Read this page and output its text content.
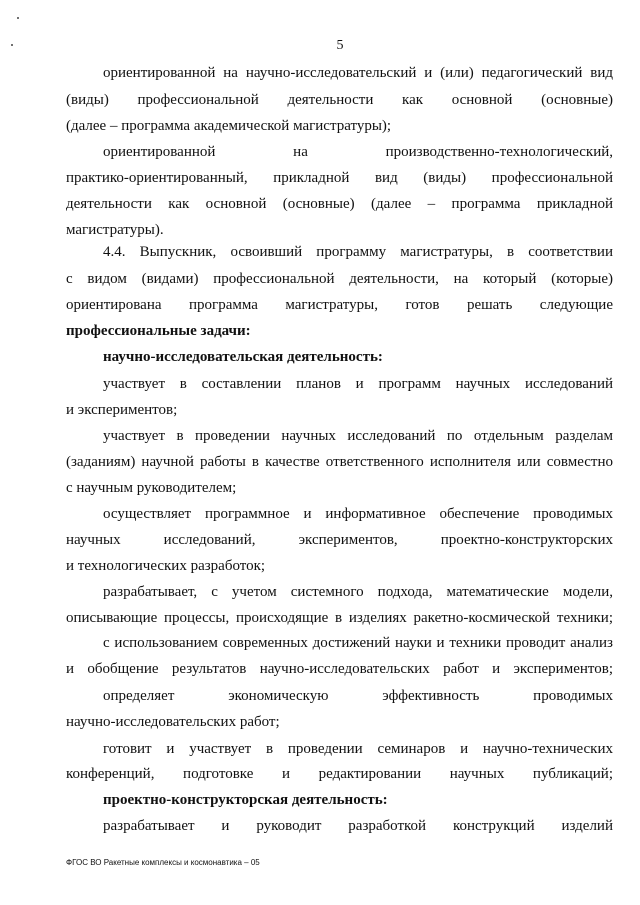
5
ориентированной на научно-исследовательский и (или) педагогический вид
(виды) профессиональной деятельности как основной (основные)
(далее – программа академической магистратуры);
ориентированной на производственно-технологический,
практико-ориентированный, прикладной вид (виды) профессиональной
деятельности как основной (основные) (далее – программа прикладной
магистратуры).
4.4. Выпускник, освоивший программу магистратуры, в соответствии
с видом (видами) профессиональной деятельности, на который (которые)
ориентирована программа магистратуры, готов решать следующие
профессиональные задачи:
научно-исследовательская деятельность:
участвует в составлении планов и программ научных исследований
и экспериментов;
участвует в проведении научных исследований по отдельным разделам
(заданиям) научной работы в качестве ответственного исполнителя или совместно
с научным руководителем;
осуществляет программное и информативное обеспечение проводимых
научных исследований, экспериментов, проектно-конструкторских
и технологических разработок;
разрабатывает, с учетом системного подхода, математические модели,
описывающие процессы, происходящие в изделиях ракетно-космической техники;
с использованием современных достижений науки и техники проводит анализ
и обобщение результатов научно-исследовательских работ и экспериментов;
определяет экономическую эффективность проводимых
научно-исследовательских работ;
готовит и участвует в проведении семинаров и научно-технических
конференций, подготовке и редактировании научных публикаций;
проектно-конструкторская деятельность:
разрабатывает и руководит разработкой конструкций изделий
ФГОС ВО Ракетные комплексы и космонавтика – 05
